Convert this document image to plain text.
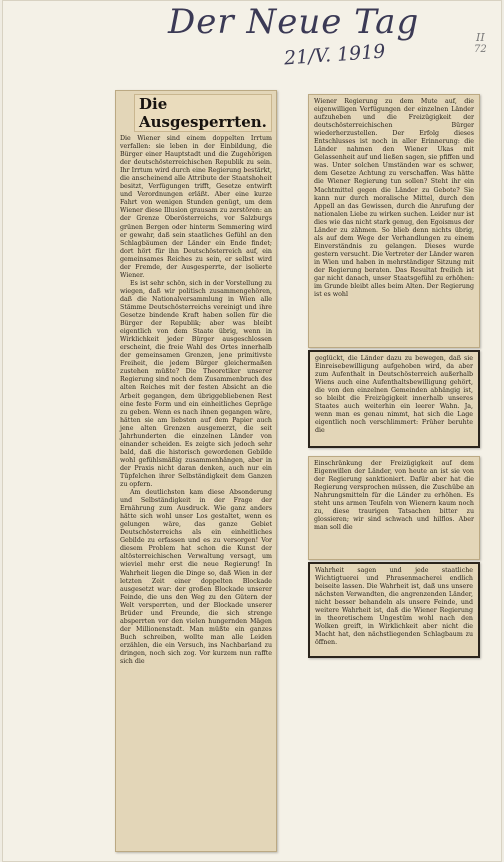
Der Neue Tag
21/V. 1919
II
72
Die Ausgesperrten.

Die Wiener sind einem doppelten Irrtum verfallen: sie leben in der Einbildung, die Bürger einer Hauptstadt und die Zugehörigen der deutschösterreichischen Republik zu sein. Ihr Irrtum wird durch eine Regierung bestärkt, die anscheinend alle Attribute der Staatshoheit besitzt, Verfügungen trifft, Gesetze entwirft und Verordnungen erläßt. Aber eine kurze Fahrt von wenigen Stunden genügt, um dem Wiener diese Illusion grausam zu zerstören: an der Grenze Oberösterreichs, vor Salzburgs grünen Bergen oder hinterm Semmering wird er gewahr, daß sein staatliches Gefühl an den Schlagbäumen der Länder ein Ende findet; dort hört für ihn Deutschösterreich auf, ein gemeinsames Reiches zu sein, er selbst wird der Fremde, der Ausgesperrte, der isolierte Wiener.

Es ist sehr schön, sich in der Vorstellung zu wiegen, daß wir politisch zusammengehören, daß die Nationalversammlung in Wien alle Stämme Deutschösterreichs vereinigt und ihre Gesetze bindende Kraft haben sollen für die Bürger der Republik; aber was bleibt eigentlich von dem Staate übrig, wenn in Wirklichkeit jeder Bürger ausgeschlossen erscheint, die freie Wahl des Ortes innerhalb der gemeinsamen Grenzen, jene primitivste Freiheit, die jedem Bürger gleichermaßen zustehen müßte? Die Theoretiker unserer Regierung sind noch dem Zusammenbruch des alten Reiches mit der festen Absicht an die Arbeit gegangen, dem übriggebliebenen Rest eine feste Form und ein einheitliches Gepräge zu geben. Wenn es nach ihnen gegangen wäre, hätten sie am liebsten auf dem Papier auch jene alten Grenzen ausgemerzt, die seit Jahrhunderten die einzelnen Länder von einander scheiden. Es zeigte sich jedoch sehr bald, daß die historisch gewordenen Gebilde wohl gefühlsmäßig zusammenhängen, aber in der Praxis nicht daran denken, auch nur ein Tüpfelchen ihrer Selbständigkeit dem Ganzen zu opfern.

Am deutlichsten kam diese Absonderung und Selbständigkeit in der Frage der Ernährung zum Ausdruck. Wie ganz anders hätte sich wohl unser Los gestaltet, wenn es gelungen wäre, das ganze Gebiet Deutschösterreichs als ein einheitliches Gebilde zu erfassen und es zu versorgen! Vor diesem Problem hat schon die Kunst der altösterreichischen Verwaltung versagt, um wieviel mehr erst die neue Regierung! In Wahrheit liegen die Dinge so, daß Wien in der letzten Zeit einer doppelten Blockade ausgesetzt war: der großen Blockade unserer Feinde, die uns den Weg zu den Gütern der Welt versperrten, und der Blockade unserer Brüder und Freunde, die sich strenge absperrten vor den vielen hungernden Mägen der Millionenstadt. Man müßte ein ganzes Buch schreiben, wollte man alle Leiden erzählen, die ein Versuch, ins Nachbarland zu dringen, noch sich zog. Vor kurzem nun raffte sich die

Wiener Regierung zu dem Mute auf, die eigenwilligen Verfügungen der einzelnen Länder aufzuheben und die Freizügigkeit der deutschösterreichischen Bürger wiederherzustellen. Der Erfolg dieses Entschlusses ist noch in aller Erinnerung: die Länder nahmen den Wiener Ukas mit Gelassenheit auf und ließen sagen, sie pfiffen und was. Unter solchen Umständen war es schwer, dem Gesetze Achtung zu verschaffen. Was hätte die Wiener Regierung tun sollen? Steht ihr ein Machtmittel gegen die Länder zu Gebote? Sie kann nur durch moralische Mittel, durch den Appell an das Gewissen, durch die Anrufung der nationalen Liebe zu wirken suchen. Leider nur ist dies wie das nicht stark genug, den Egoismus der Länder zu zähmen. So blieb denn nichts übrig, als auf dem Wege der Verhandlungen zu einem Einverständnis zu gelangen. Dieses wurde gestern versucht. Die Vertreter der Länder waren in Wien und haben in mehrständiger Sitzung mit der Regierung beraten. Das Resultat freilich ist gar nicht danach, unser Staatsgefühl zu erhöhen: im Grunde bleibt alles beim Alten. Der Regierung ist es wohl

geglückt, die Länder dazu zu bewegen, daß sie Einreisebewilligung aufgehoben wird, da aber zum Aufenthalt in Deutschösterreich außerhalb Wiens auch eine Aufenthaltsbewilligung gehört, die von den einzelnen Gemeinden abhängig ist, so bleibt die Freizügigkeit innerhalb unseres Staates auch weiterhin ein leerer Wahn. Ja, wenn man es genau nimmt, hat sich die Lage eigentlich noch verschlimmert: Früher beruhte die

Einschränkung der Freizügigkeit auf dem Eigenwillen der Länder, von heute an ist sie von der Regierung sanktioniert. Dafür aber hat die Regierung versprochen müssen, die Zuschübe an Nahrungsmitteln für die Länder zu erhöhen. Es steht uns armen Teufeln von Wienern kaum noch zu, diese traurigen Tatsachen bitter zu glossieren; wir sind schwach und hilflos. Aber man soll die

Wahrheit sagen und jede staatliche Wichtigtuerei und Phrasenmacherei endlich beiseite lassen. Die Wahrheit ist, daß uns unsere nächsten Verwandten, die angrenzenden Länder, nicht besser behandeln als unsere Feinde, und weitere Wahrheit ist, daß die Wiener Regierung in theoretischem Ungestüm wohl nach den Wolken greift, in Wirklichkeit aber nicht die Macht hat, den nächstliegenden Schlagbaum zu öffnen.
